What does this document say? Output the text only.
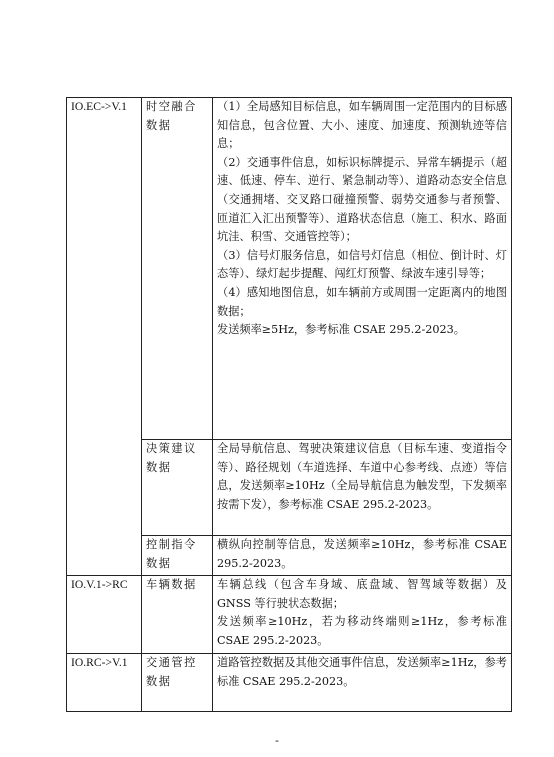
IO.EC->V.1	时空融合数据	（1）全局感知目标信息，如车辆周围一定范围内的目标感知信息，包含位置、大小、速度、加速度、预测轨迹等信息；
（2）交通事件信息，如标识标牌提示、异常车辆提示（超速、低速、停车、逆行、紧急制动等）、道路动态安全信息（交通拥堵、交叉路口碰撞预警、弱势交通参与者预警、匝道汇入汇出预警等）、道路状态信息（施工、积水、路面坑洼、积雪、交通管控等）；
（3）信号灯服务信息，如信号灯信息（相位、倒计时、灯态等）、绿灯起步提醒、闯红灯预警、绿波车速引导等；
（4）感知地图信息，如车辆前方或周围一定距离内的地图数据；
发送频率≥5Hz，参考标准 CSAE 295.2-2023。

	决策建议数据	全局导航信息、驾驶决策建议信息（目标车速、变道指令等）、路径规划（车道选择、车道中心参考线、点迹）等信息，发送频率≥10Hz（全局导航信息为触发型，下发频率按需下发），参考标准 CSAE 295.2-2023。

	控制指令数据	横纵向控制等信息，发送频率≥10Hz，参考标准 CSAE 295.2-2023。

IO.V.1->RC	车辆数据	车辆总线（包含车身域、底盘域、智驾域等数据）及 GNSS 等行驶状态数据；
发送频率≥10Hz，若为移动终端则≥1Hz，参考标准 CSAE 295.2-2023。

IO.RC->V.1	交通管控数据	道路管控数据及其他交通事件信息，发送频率≥1Hz，参考标准 CSAE 295.2-2023。
-
